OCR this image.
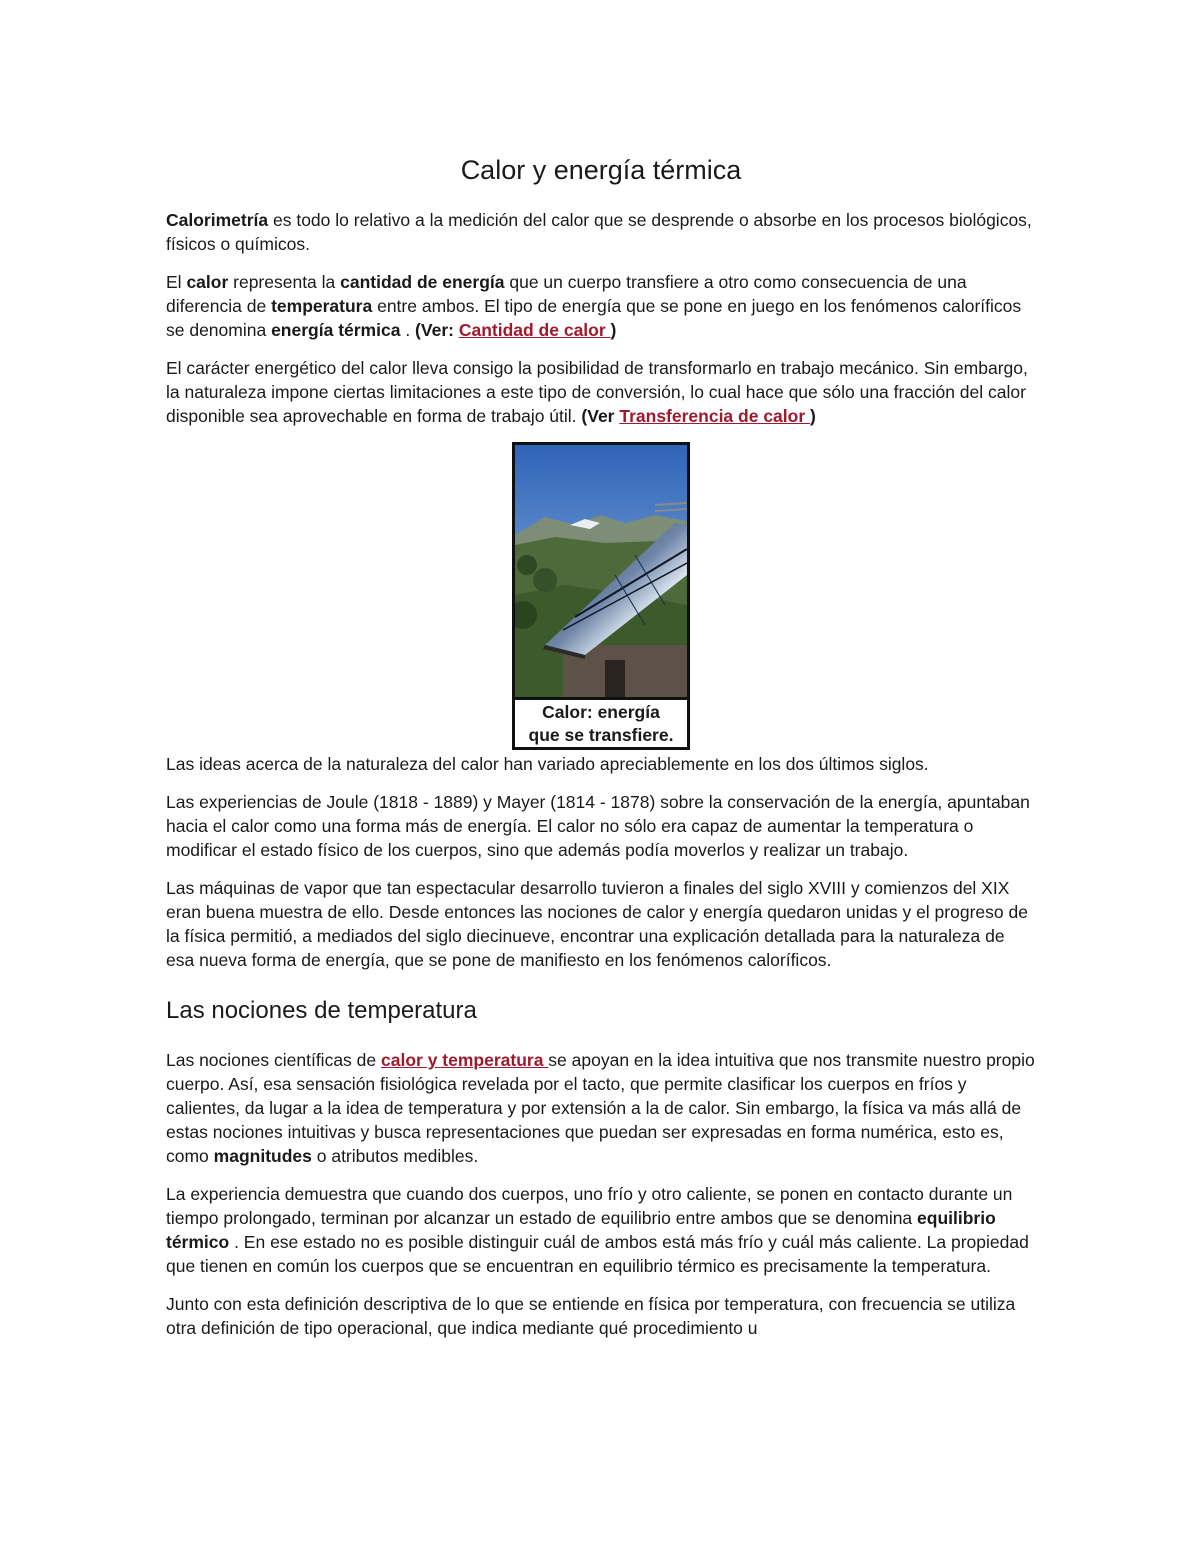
Calor y energía térmica

Calorimetría es todo lo relativo a la medición del calor que se desprende o absorbe en los procesos biológicos, físicos o químicos.

El calor representa la cantidad de energía que un cuerpo transfiere a otro como consecuencia de una diferencia de temperatura entre ambos. El tipo de energía que se pone en juego en los fenómenos caloríficos se denomina energía térmica . (Ver: Cantidad de calor )

El carácter energético del calor lleva consigo la posibilidad de transformarlo en trabajo mecánico. Sin embargo, la naturaleza impone ciertas limitaciones a este tipo de conversión, lo cual hace que sólo una fracción del calor disponible sea aprovechable en forma de trabajo útil. (Ver Transferencia de calor )

Calor: energía
que se transfiere.

Las ideas acerca de la naturaleza del calor han variado apreciablemente en los dos últimos siglos.

Las experiencias de Joule (1818 - 1889) y Mayer (1814 - 1878) sobre la conservación de la energía, apuntaban hacia el calor como una forma más de energía. El calor no sólo era capaz de aumentar la temperatura o modificar el estado físico de los cuerpos, sino que además podía moverlos y realizar un trabajo.

Las máquinas de vapor que tan espectacular desarrollo tuvieron a finales del siglo XVIII y comienzos del XIX eran buena muestra de ello. Desde entonces las nociones de calor y energía quedaron unidas y el progreso de la física permitió, a mediados del siglo diecinueve, encontrar una explicación detallada para la naturaleza de esa nueva forma de energía, que se pone de manifiesto en los fenómenos caloríficos.

Las nociones de temperatura

Las nociones científicas de calor y temperatura se apoyan en la idea intuitiva que nos transmite nuestro propio cuerpo. Así, esa sensación fisiológica revelada por el tacto, que permite clasificar los cuerpos en fríos y calientes, da lugar a la idea de temperatura y por extensión a la de calor. Sin embargo, la física va más allá de estas nociones intuitivas y busca representaciones que puedan ser expresadas en forma numérica, esto es, como magnitudes o atributos medibles.

La experiencia demuestra que cuando dos cuerpos, uno frío y otro caliente, se ponen en contacto durante un tiempo prolongado, terminan por alcanzar un estado de equilibrio entre ambos que se denomina equilibrio térmico . En ese estado no es posible distinguir cuál de ambos está más frío y cuál más caliente. La propiedad que tienen en común los cuerpos que se encuentran en equilibrio térmico es precisamente la temperatura.

Junto con esta definición descriptiva de lo que se entiende en física por temperatura, con frecuencia se utiliza otra definición de tipo operacional, que indica mediante qué procedimiento u
